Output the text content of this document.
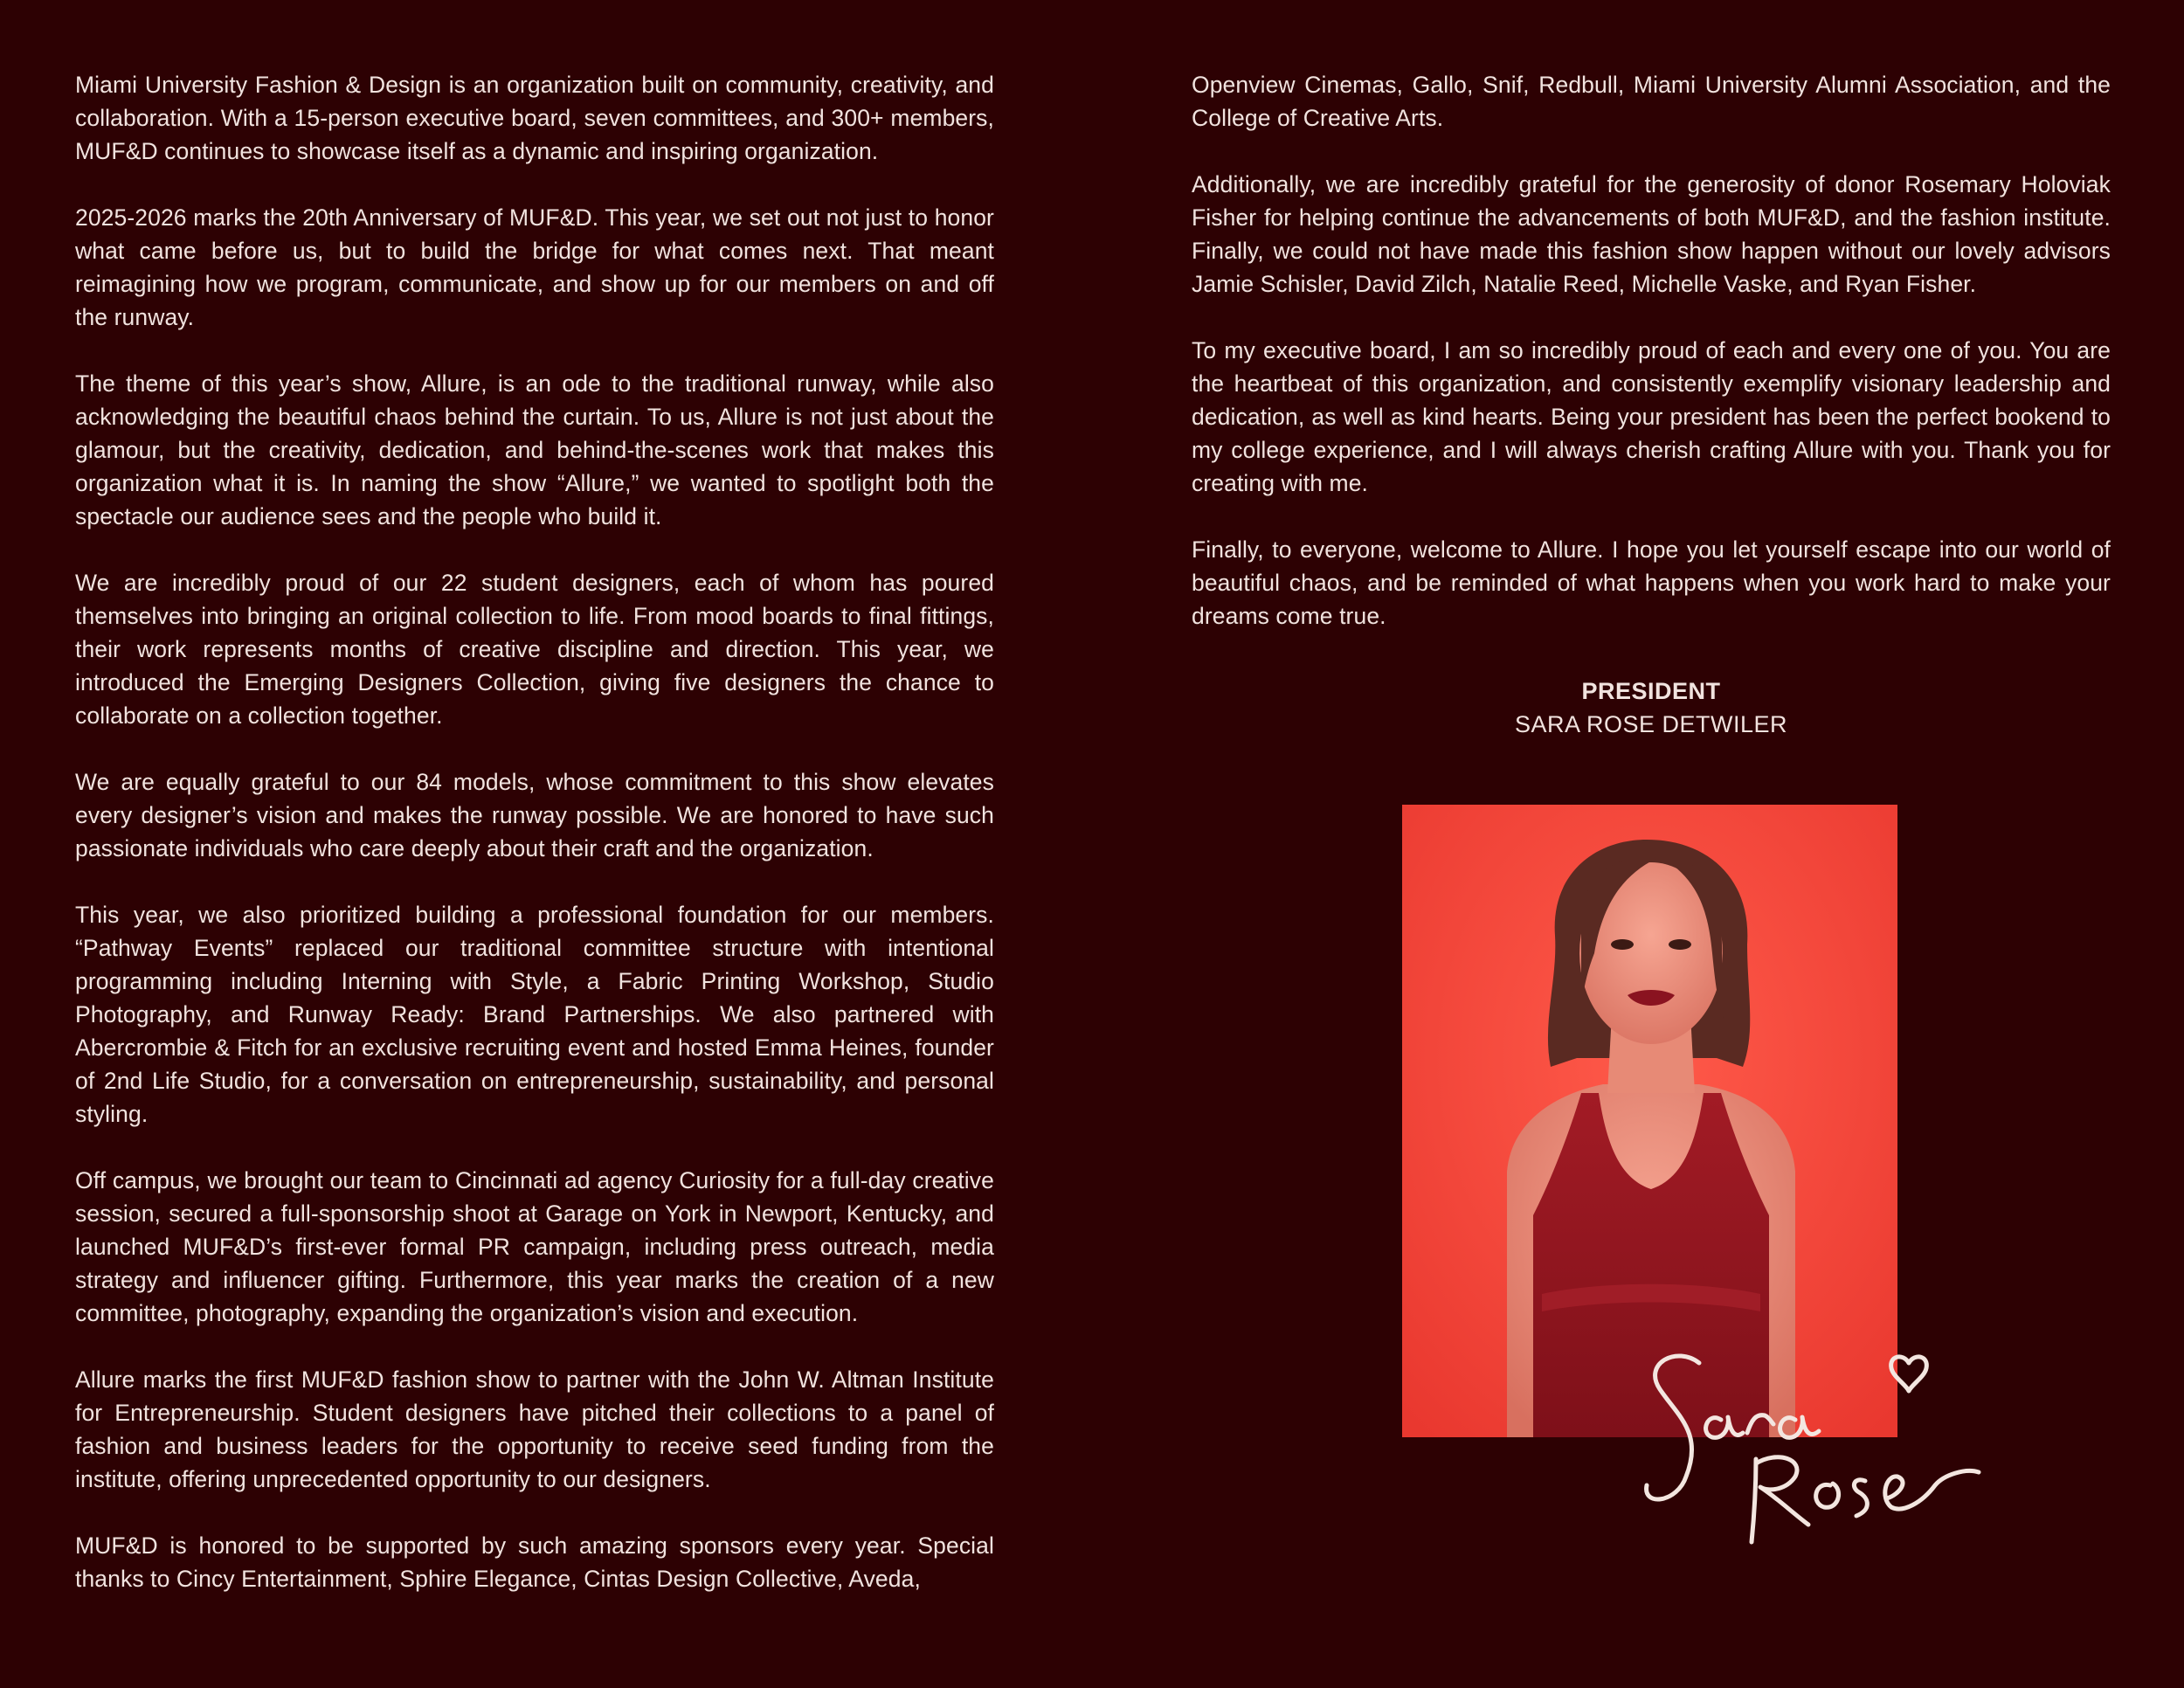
Miami University Fashion & Design is an organization built on community, creativity, and collaboration. With a 15-person executive board, seven committees, and 300+ members, MUF&D continues to showcase itself as a dynamic and inspiring organization.

2025-2026 marks the 20th Anniversary of MUF&D. This year, we set out not just to honor what came before us, but to build the bridge for what comes next. That meant reimagining how we program, communicate, and show up for our members on and off the runway.

The theme of this year’s show, Allure, is an ode to the traditional runway, while also acknowledging the beautiful chaos behind the curtain. To us, Allure is not just about the glamour, but the creativity, dedication, and behind-the-scenes work that makes this organization what it is. In naming the show “Allure,” we wanted to spotlight both the spectacle our audience sees and the people who build it.

We are incredibly proud of our 22 student designers, each of whom has poured themselves into bringing an original collection to life. From mood boards to final fittings, their work represents months of creative discipline and direction. This year, we introduced the Emerging Designers Collection, giving five designers the chance to collaborate on a collection together.

We are equally grateful to our 84 models, whose commitment to this show elevates every designer’s vision and makes the runway possible. We are honored to have such passionate individuals who care deeply about their craft and the organization.

This year, we also prioritized building a professional foundation for our members. “Pathway Events” replaced our traditional committee structure with intentional programming including Interning with Style, a Fabric Printing Workshop, Studio Photography, and Runway Ready: Brand Partnerships. We also partnered with Abercrombie & Fitch for an exclusive recruiting event and hosted Emma Heines, founder of 2nd Life Studio, for a conversation on entrepreneurship, sustainability, and personal styling.

Off campus, we brought our team to Cincinnati ad agency Curiosity for a full-day creative session, secured a full-sponsorship shoot at Garage on York in Newport, Kentucky, and launched MUF&D’s first-ever formal PR campaign, including press outreach, media strategy and influencer gifting. Furthermore, this year marks the creation of a new committee, photography, expanding the organization’s vision and execution.

Allure marks the first MUF&D fashion show to partner with the John W. Altman Institute for Entrepreneurship. Student designers have pitched their collections to a panel of fashion and business leaders for the opportunity to receive seed funding from the institute, offering unprecedented opportunity to our designers.

MUF&D is honored to be supported by such amazing sponsors every year. Special thanks to Cincy Entertainment, Sphire Elegance, Cintas Design Collective, Aveda,

Openview Cinemas, Gallo, Snif, Redbull, Miami University Alumni Association, and the College of Creative Arts.

Additionally, we are incredibly grateful for the generosity of donor Rosemary Holoviak Fisher for helping continue the advancements of both MUF&D, and the fashion institute. Finally, we could not have made this fashion show happen without our lovely advisors Jamie Schisler, David Zilch, Natalie Reed, Michelle Vaske, and Ryan Fisher.

To my executive board, I am so incredibly proud of each and every one of you. You are the heartbeat of this organization, and consistently exemplify visionary leadership and dedication, as well as kind hearts. Being your president has been the perfect bookend to my college experience, and I will always cherish crafting Allure with you. Thank you for creating with me.

Finally, to everyone, welcome to Allure. I hope you let yourself escape into our world of beautiful chaos, and be reminded of what happens when you work hard to make your dreams come true.

PRESIDENT
SARA ROSE DETWILER
